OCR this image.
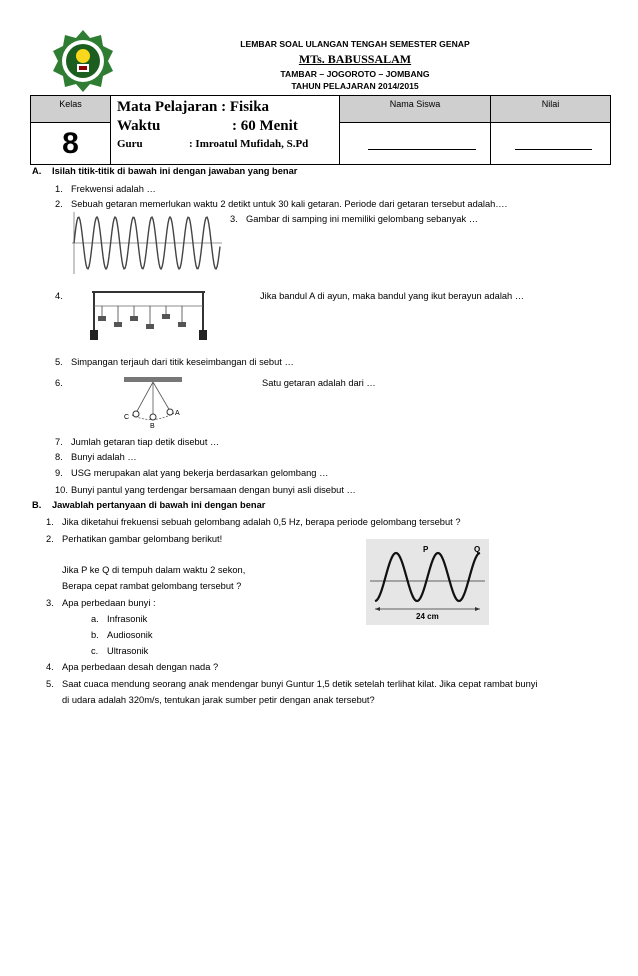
LEMBAR SOAL ULANGAN TENGAH SEMESTER GENAP
MTs. BABUSSALAM
TAMBAR – JOGOROTO – JOMBANG
TAHUN PELAJARAN 2014/2015
Kelas	Mata Pelajaran : Fisika
Waktu : 60 Menit
Guru : Imroatul Mufidah, S.Pd	Nama Siswa	Nilai
8		

A. Isilah titik-titik di bawah ini dengan jawaban yang benar
1. Frekwensi adalah …
2. Sebuah getaran memerlukan waktu 2 detikt untuk 30 kali getaran. Periode dari getaran tersebut adalah….
3. Gambar di samping ini memiliki gelombang sebanyak …
4.	Jika bandul A di ayun, maka bandul yang ikut berayun adalah …
5. Simpangan terjauh dari titik keseimbangan di sebut …
6.	Satu getaran adalah dari …
C
B
A
7. Jumlah getaran tiap detik disebut …
8. Bunyi adalah …
9. USG merupakan alat yang bekerja berdasarkan gelombang …
10. Bunyi pantul yang terdengar bersamaan dengan bunyi asli disebut …
B. Jawablah pertanyaan di bawah ini dengan benar
1. Jika diketahui frekuensi sebuah gelombang adalah 0,5 Hz, berapa periode gelombang tersebut ?
2. Perhatikan gambar gelombang berikut!
Jika P ke Q di tempuh dalam waktu 2 sekon,
Berapa cepat rambat gelombang tersebut ?
P	Q
24 cm
3. Apa perbedaan bunyi :
a. Infrasonik
b. Audiosonik
c. Ultrasonik
4. Apa perbedaan desah dengan nada ?
5. Saat cuaca mendung seorang anak mendengar bunyi Guntur 1,5 detik setelah terlihat kilat. Jika cepat rambat bunyi
di udara adalah 320m/s, tentukan jarak sumber petir dengan anak tersebut?
